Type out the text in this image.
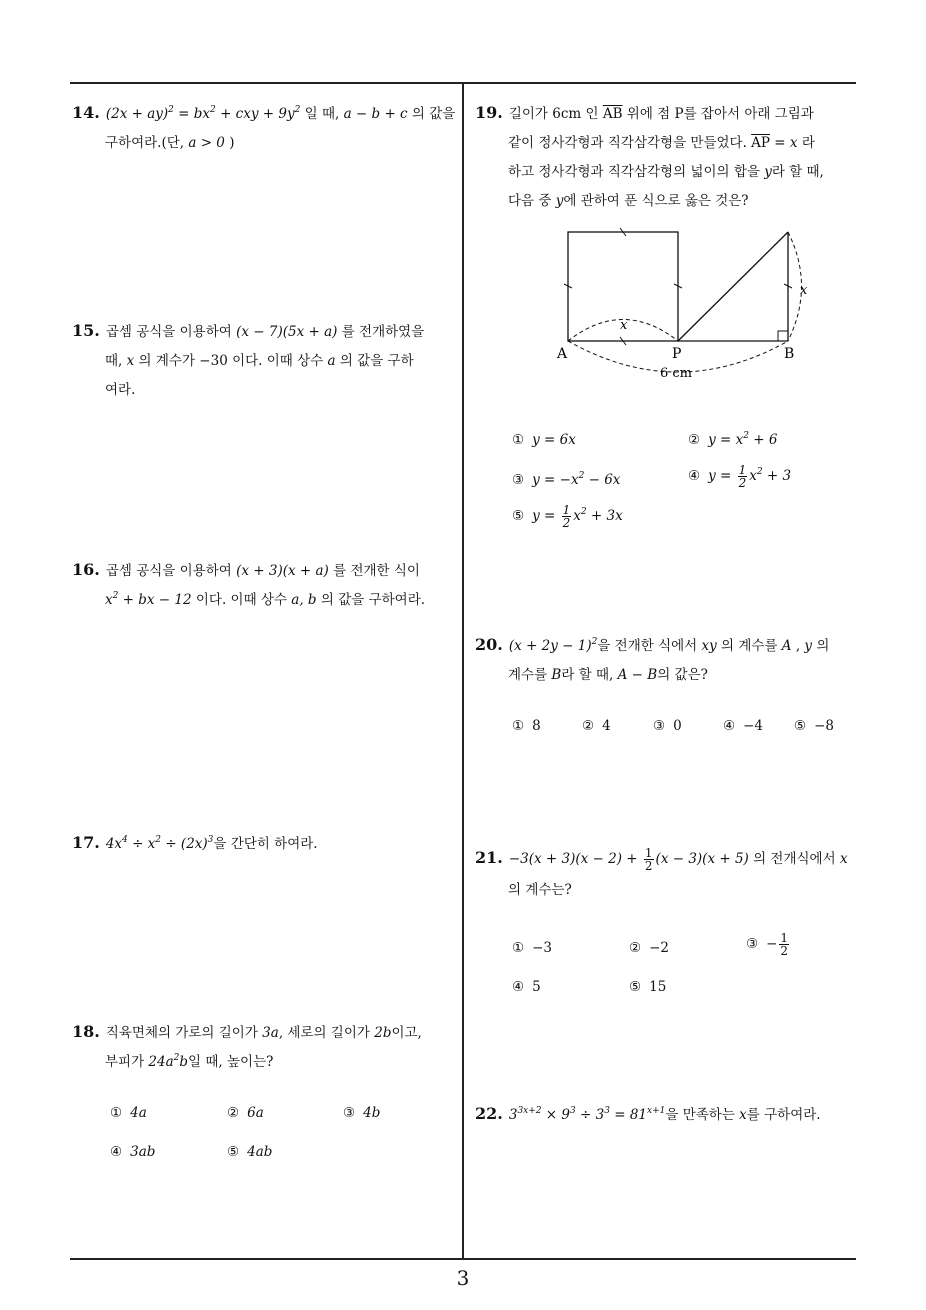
14. $(2x + ay)^2 = bx^2$ + cxy + $9y^2$ 일 때, a − b + c 의 값을
구하여라.(단, a > 0 )
15. 곱셈 공식을 이용하여 (x − 7)(5x + a) 를 전개하였을
때, x 의 계수가 −30 이다. 이때 상수 a 의 값을 구하
여라.
16. 곱셈 공식을 이용하여 (x + 3)(x + a) 를 전개한 식이
$x^2$ + bx − 12 이다. 이때 상수 a, b 의 값을 구하여라.
17. $4x^4 \div x^2 \div (2x)^3$을 간단히 하여라.
18. 직육면체의 가로의 길이가 3a, 세로의 길이가 2b이고,
부피가 $24a^2b$일 때, 높이는?
① 4a	② 6a	③ 4b
④ 3ab	⑤ 4ab
19. 길이가 6cm 인 $\overline{AB}$ 위에 점 P를 잡아서 아래 그림과
같이 정사각형과 직각삼각형을 만들었다. $\overline{AP} = x$ 라
하고 정사각형과 직각삼각형의 넓이의 합을 y라 할 때,
다음 중 y에 관하여 푼 식으로 옳은 것은?
A	P	B
x
x
6 cm
① y = 6x	② $y = x^2 + 6$
③ $y = -x^2 - 6x$	④ $y = \frac{1}{2} x^2 + 3$
⑤ $y = \frac{1}{2} x^2 + 3x$
20. $(x + 2y - 1)^2$을 전개한 식에서 xy 의 계수를 A , y 의
계수를 B라 할 때, A − B의 값은?
① 8	② 4	③ 0	④ −4 ⑤ −8
21. $-3(x + 3)(x - 2) + \frac{1}{2} (x - 3)(x + 5)$ 의 전개식에서 x
의 계수는?
① −3	② −2	③ − $\frac{1}{2}$
④ 5	⑤ 15
22. $3^{3x+2} \times 9^3 \div 3^3 = 81^{x+1}$을 만족하는 x를 구하여라.
3
